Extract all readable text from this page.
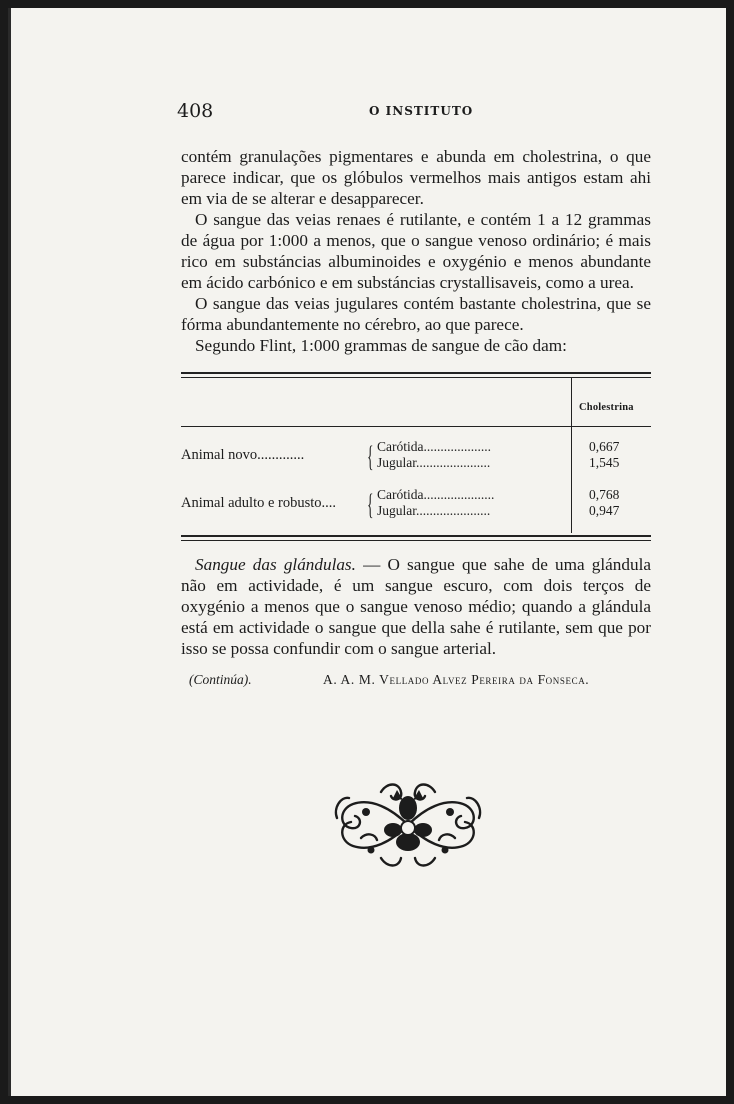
408	O INSTITUTO

contém granulações pigmentares e abunda em cholestrina, o que parece indicar, que os glóbulos vermelhos mais antigos estam ahi em via de se alterar e desapparecer.

O sangue das veias renaes é rutilante, e contém 1 a 12 grammas de água por 1:000 a menos, que o sangue venoso ordinário; é mais rico em substáncias albuminoides e oxygénio e menos abundante em ácido carbónico e em substáncias crystallisaveis, como a urea.

O sangue das veias jugulares contém bastante cholestrina, que se fórma abundantemente no cérebro, ao que parece.

Segundo Flint, 1:000 grammas de sangue de cão dam:

Cholestrina
Animal novo............. { Carótida....................
Jugular......................
0,667
1,545
Animal adulto e robusto.... { Carótida.....................
Jugular......................
0,768
0,947

Sangue das glándulas. — O sangue que sahe de uma glándula não em actividade, é um sangue escuro, com dois terços de oxygénio a menos que o sangue venoso médio; quando a glándula está em actividade o sangue que della sahe é rutilante, sem que por isso se possa confundir com o sangue arterial.

(Continúa).	A. A. M. Vellado Alvez Pereira da Fonseca.
